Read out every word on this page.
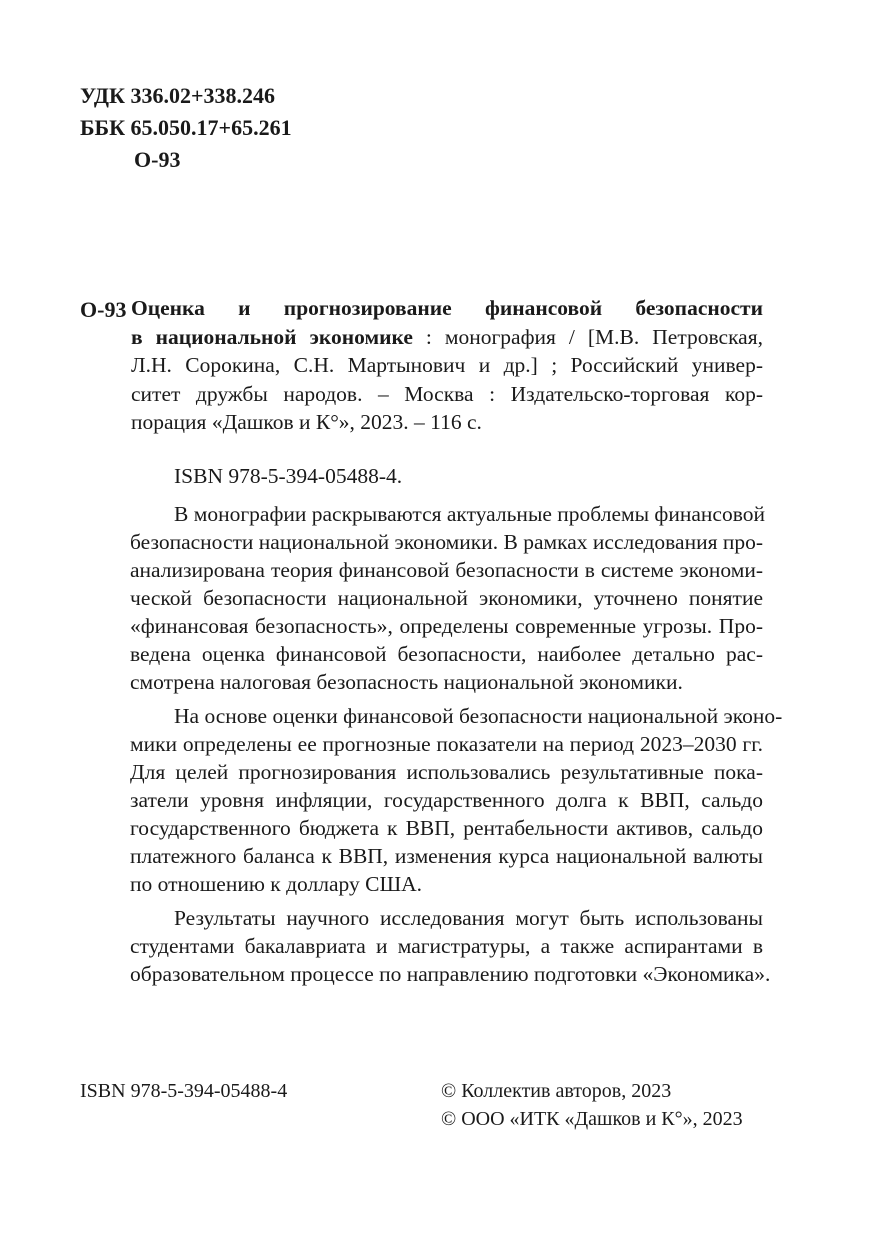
УДК 336.02+338.246
ББК 65.050.17+65.261
О-93
О-93 Оценка и прогнозирование финансовой безопасности
в национальной экономике : монография / [М.В. Петровская,
Л.Н. Сорокина, С.Н. Мартынович и др.] ; Российский универ-
ситет дружбы народов. – Москва : Издательско-торговая кор-
порация «Дашков и К°», 2023. – 116 с.
ISBN 978-5-394-05488-4.

В монографии раскрываются актуальные проблемы финансовой
безопасности национальной экономики. В рамках исследования про-
анализирована теория финансовой безопасности в системе экономи-
ческой безопасности национальной экономики, уточнено понятие
«финансовая безопасность», определены современные угрозы. Про-
ведена оценка финансовой безопасности, наиболее детально рас-
смотрена налоговая безопасность национальной экономики.

На основе оценки финансовой безопасности национальной эконо-
мики определены ее прогнозные показатели на период 2023–2030 гг.
Для целей прогнозирования использовались результативные пока-
затели уровня инфляции, государственного долга к ВВП, сальдо
государственного бюджета к ВВП, рентабельности активов, сальдо
платежного баланса к ВВП, изменения курса национальной валюты
по отношению к доллару США.

Результаты научного исследования могут быть использованы
студентами бакалавриата и магистратуры, а также аспирантами в
образовательном процессе по направлению подготовки «Экономика».

ISBN 978-5-394-05488-4	© Коллектив авторов, 2023
© ООО «ИТК «Дашков и К°», 2023
